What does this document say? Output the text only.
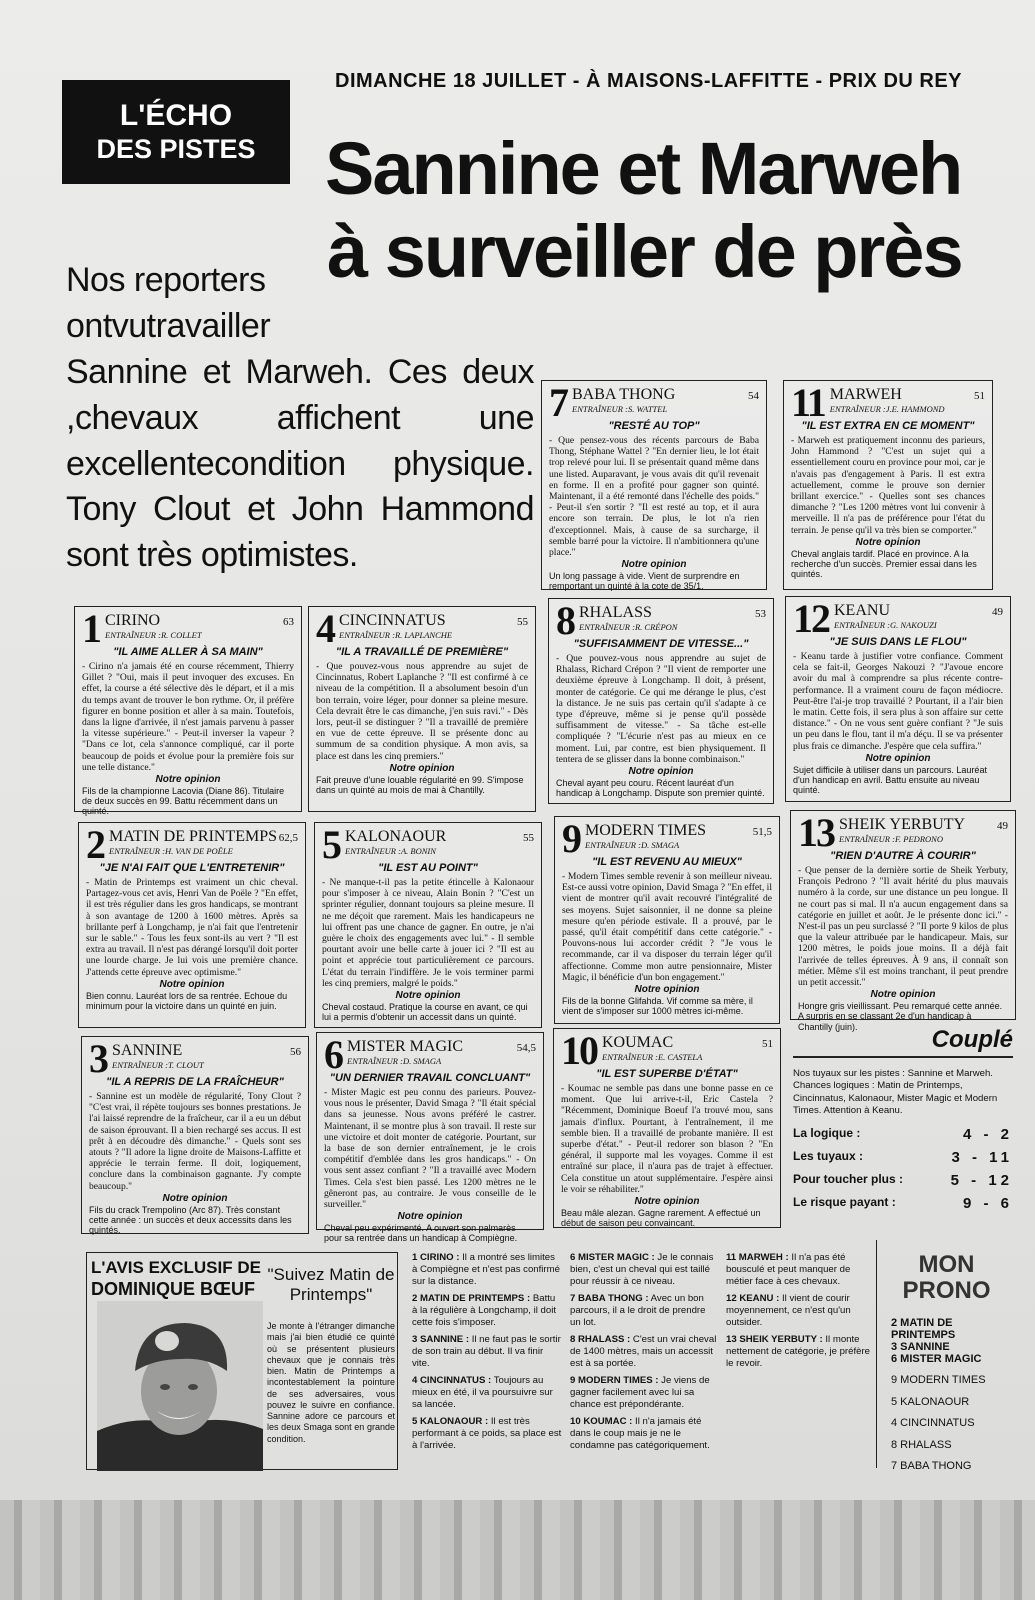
L'ÉCHO
DES PISTES
DIMANCHE 18 JUILLET - À MAISONS-LAFFITTE - PRIX DU REY
Sannine et Marweh
à surveiller de près
Nos reporters
ontvutravailler

Sannine et Marweh. Ces deux ,chevaux affichent une excellentecondition physique. Tony Clout et John Hammond sont très optimistes.
7 BABA THONG	54
ENTRAÎNEUR :S. WATTEL
"RESTÉ AU TOP"
- Que pensez-vous des récents parcours de Baba Thong, Stéphane Wattel ? "En dernier lieu, le lot était trop relevé pour lui. Il se présentait quand même dans une listed. Auparavant, je vous avais dit qu'il revenait en forme. Il en a profité pour gagner son quinté. Maintenant, il a été remonté dans l'échelle des poids." - Peut-il s'en sortir ? "Il est resté au top, et il aura encore son terrain. De plus, le lot n'a rien d'exceptionnel. Mais, à cause de sa surcharge, il semble barré pour la victoire. Il n'ambitionnera qu'une place."
Notre opinion
Un long passage à vide. Vient de surprendre en remportant un quinté à la cote de 35/1.
11 MARWEH	51
ENTRAÎNEUR :J.E. HAMMOND
"IL EST EXTRA EN CE MOMENT"
- Marweh est pratiquement inconnu des parieurs, John Hammond ? "C'est un sujet qui a essentiellement couru en province pour moi, car je n'avais pas d'engagement à Paris. Il est extra actuellement, comme le prouve son dernier brillant exercice." - Quelles sont ses chances dimanche ? "Les 1200 mètres vont lui convenir à merveille. Il n'a pas de préférence pour l'état du terrain. Je pense qu'il va très bien se comporter."
Notre opinion
Cheval anglais tardif. Placé en province. A la recherche d'un succès. Premier essai dans les quintés.
1 CIRINO	63
ENTRAÎNEUR :R. COLLET
"IL AIME ALLER À SA MAIN"
- Cirino n'a jamais été en course récemment, Thierry Gillet ? "Oui, mais il peut invoquer des excuses. En effet, la course a été sélective dès le départ, et il a mis du temps avant de trouver le bon rythme. Or, il préfère figurer en bonne position et aller à sa main. Toutefois, dans la ligne d'arrivée, il n'est jamais parvenu à passer la vitesse supérieure." - Peut-il inverser la vapeur ? "Dans ce lot, cela s'annonce compliqué, car il porte beaucoup de poids et évolue pour la première fois sur une telle distance."
Notre opinion
Fils de la championne Lacovia (Diane 86). Titulaire de deux succès en 99. Battu récemment dans un quinté.
4 CINCINNATUS	55
ENTRAÎNEUR :R. LAPLANCHE
"IL A TRAVAILLÉ DE PREMIÈRE"
- Que pouvez-vous nous apprendre au sujet de Cincinnatus, Robert Laplanche ? "Il est confirmé à ce niveau de la compétition. Il a absolument besoin d'un bon terrain, voire léger, pour donner sa pleine mesure. Cela devrait être le cas dimanche, j'en suis ravi." - Dès lors, peut-il se distinguer ? "Il a travaillé de première en vue de cette épreuve. Il se présente donc au summum de sa condition physique. A mon avis, sa place est dans les cinq premiers."
Notre opinion
Fait preuve d'une louable régularité en 99. S'impose dans un quinté au mois de mai à Chantilly.
8 RHALASS	53
ENTRAÎNEUR :R. CRÉPON
"SUFFISAMMENT DE VITESSE..."
- Que pouvez-vous nous apprendre au sujet de Rhalass, Richard Crépon ? "Il vient de remporter une deuxième épreuve à Longchamp. Il doit, à présent, monter de catégorie. Ce qui me dérange le plus, c'est la distance. Je ne suis pas certain qu'il s'adapte à ce type d'épreuve, même si je pense qu'il possède suffisamment de vitesse." - Sa tâche est-elle compliquée ? "L'écurie n'est pas au mieux en ce moment. Lui, par contre, est bien physiquement. Il tentera de se glisser dans la bonne combinaison."
Notre opinion
Cheval ayant peu couru. Récent lauréat d'un handicap à Longchamp. Dispute son premier quinté.
12 KEANU	49
ENTRAÎNEUR :G. NAKOUZI
"JE SUIS DANS LE FLOU"
- Keanu tarde à justifier votre confiance. Comment cela se fait-il, Georges Nakouzi ? "J'avoue encore avoir du mal à comprendre sa plus récente contre-performance. Il a vraiment couru de façon médiocre. Peut-être l'ai-je trop travaillé ? Pourtant, il a l'air bien le matin. Cette fois, il sera plus à son affaire sur cette distance." - On ne vous sent guère confiant ? "Je suis un peu dans le flou, tant il m'a déçu. Il se va présenter plus frais ce dimanche. J'espère que cela suffira."
Notre opinion
Sujet difficile à utiliser dans un parcours. Lauréat d'un handicap en avril. Battu ensuite au niveau quinté.
2 MATIN DE PRINTEMPS 62,5
ENTRAÎNEUR :H. VAN DE POËLE
"JE N'AI FAIT QUE L'ENTRETENIR"
- Matin de Printemps est vraiment un chic cheval. Partagez-vous cet avis, Henri Van de Poële ? "En effet, il est très régulier dans les gros handicaps, se montrant à son avantage de 1200 à 1600 mètres. Après sa brillante perf à Longchamp, je n'ai fait que l'entretenir sur le sable." - Tous les feux sont-ils au vert ? "Il est extra au travail. Il n'est pas dérangé lorsqu'il doit porter une lourde charge. Je lui vois une première chance. J'attends cette épreuve avec optimisme."
Notre opinion
Bien connu. Lauréat lors de sa rentrée. Echoue du minimum pour la victoire dans un quinté en juin.
5 KALONAOUR	55
ENTRAÎNEUR :A. BONIN
"IL EST AU POINT"
- Ne manque-t-il pas la petite étincelle à Kalonaour pour s'imposer à ce niveau, Alain Bonin ? "C'est un sprinter régulier, donnant toujours sa pleine mesure. Il ne me déçoit que rarement. Mais les handicapeurs ne lui offrent pas une chance de gagner. En outre, je n'ai guère le choix des engagements avec lui." - Il semble pourtant avoir une belle carte à jouer ici ? "Il est au point et apprécie tout particulièrement ce parcours. L'état du terrain l'indiffère. Je le vois terminer parmi les cinq premiers, malgré le poids."
Notre opinion
Cheval costaud. Pratique la course en avant, ce qui lui a permis d'obtenir un accessit dans un quinté.
9 MODERN TIMES	51,5
ENTRAÎNEUR :D. SMAGA
"IL EST REVENU AU MIEUX"
- Modern Times semble revenir à son meilleur niveau. Est-ce aussi votre opinion, David Smaga ? "En effet, il vient de montrer qu'il avait recouvré l'intégralité de ses moyens. Sujet saisonnier, il ne donne sa pleine mesure qu'en période estivale. Il a prouvé, par le passé, qu'il était compétitif dans cette catégorie." - Pouvons-nous lui accorder crédit ? "Je vous le recommande, car il va disposer du terrain léger qu'il affectionne. Comme mon autre pensionnaire, Mister Magic, il bénéficie d'un bon engagement."
Notre opinion
Fils de la bonne Glifahda. Vif comme sa mère, il vient de s'imposer sur 1000 mètres ici-même.
13 SHEIK YERBUTY	49
ENTRAÎNEUR :F. PEDRONO
"RIEN D'AUTRE À COURIR"
- Que penser de la dernière sortie de Sheik Yerbuty, François Pedrono ? "Il avait hérité du plus mauvais numéro à la corde, sur une distance un peu longue. Il ne court pas si mal. Il n'a aucun engagement dans sa catégorie en juillet et août. Je le présente donc ici." - N'est-il pas un peu surclassé ? "Il porte 9 kilos de plus que la valeur attribuée par le handicapeur. Mais, sur 1200 mètres, le poids joue moins. Il a déjà fait l'arrivée de telles épreuves. À 9 ans, il connaît son métier. Même s'il est moins tranchant, il peut prendre un petit accessit."
Notre opinion
Hongre gris vieillissant. Peu remarqué cette année. A surpris en se classant 2e d'un handicap à Chantilly (juin).
3 SANNINE	56
ENTRAÎNEUR :T. CLOUT
"IL A REPRIS DE LA FRAÎCHEUR"
- Sannine est un modèle de régularité, Tony Clout ? "C'est vrai, il répète toujours ses bonnes prestations. Je l'ai laissé reprendre de la fraîcheur, car il a eu un début de saison éprouvant. Il a bien rechargé ses accus. Il est prêt à en découdre dès dimanche." - Quels sont ses atouts ? "Il adore la ligne droite de Maisons-Laffitte et apprécie le terrain ferme. Il doit, logiquement, conclure dans la combinaison gagnante. J'y compte beaucoup."
Notre opinion
Fils du crack Trempolino (Arc 87). Très constant cette année : un succès et deux accessits dans les quintés.
6 MISTER MAGIC	54,5
ENTRAÎNEUR :D. SMAGA
"UN DERNIER TRAVAIL CONCLUANT"
- Mister Magic est peu connu des parieurs. Pouvez-vous nous le présenter, David Smaga ? "Il était spécial dans sa jeunesse. Nous avons préféré le castrer. Maintenant, il se montre plus à son travail. Il reste sur une victoire et doit monter de catégorie. Pourtant, sur la base de son dernier entraînement, je le crois compétitif d'emblée dans les gros handicaps." - On vous sent assez confiant ? "Il a travaillé avec Modern Times. Cela s'est bien passé. Les 1200 mètres ne le gêneront pas, au contraire. Je vous conseille de le surveiller."
Notre opinion
Cheval peu expérimenté. A ouvert son palmarès pour sa rentrée dans un handicap à Compiègne.
10 KOUMAC	51
ENTRAÎNEUR :E. CASTELA
"IL EST SUPERBE D'ÉTAT"
- Koumac ne semble pas dans une bonne passe en ce moment. Que lui arrive-t-il, Eric Castela ? "Récemment, Dominique Boeuf l'a trouvé mou, sans jamais d'influx. Pourtant, à l'entraînement, il me semble bien. Il a travaillé de probante manière. Il est superbe d'état." - Peut-il redorer son blason ? "En général, il supporte mal les voyages. Comme il est entraîné sur place, il n'aura pas de trajet à effectuer. Cela constitue un atout supplémentaire. J'espère ainsi le voir se réhabiliter."
Notre opinion
Beau mâle alezan. Gagne rarement. A effectué un début de saison peu convaincant.
Couplé
Nos tuyaux sur les pistes : Sannine et Marweh. Chances logiques : Matin de Printemps, Cincinnatus, Kalonaour, Mister Magic et Modern Times. Attention à Keanu.
La logique :	4 - 2
Les tuyaux :	3 - 11
Pour toucher plus :	5 - 12
Le risque payant :	9 - 6
L'AVIS EXCLUSIF DE
DOMINIQUE BŒUF
"Suivez Matin de Printemps"
Je monte à l'étranger dimanche mais j'ai bien étudié ce quinté où se présentent plusieurs chevaux que je connais très bien. Matin de Printemps a incontestablement la pointure de ses adversaires, vous pouvez le suivre en confiance. Sannine adore ce parcours et les deux Smaga sont en grande condition.

1 CIRINO : Il a montré ses limites à Compiègne et n'est pas confirmé sur la distance.

2 MATIN DE PRINTEMPS : Battu à la régulière à Longchamp, il doit cette fois s'imposer.

3 SANNINE : Il ne faut pas le sortir de son train au début. Il va finir vite.

4 CINCINNATUS : Toujours au mieux en été, il va poursuivre sur sa lancée.

5 KALONAOUR : Il est très performant à ce poids, sa place est à l'arrivée.

6 MISTER MAGIC : Je le connais bien, c'est un cheval qui est taillé pour réussir à ce niveau.

7 BABA THONG : Avec un bon parcours, il a le droit de prendre un lot.

8 RHALASS : C'est un vrai cheval de 1400 mètres, mais un accessit est à sa portée.

9 MODERN TIMES : Je viens de gagner facilement avec lui sa chance est prépondérante.

10 KOUMAC : Il n'a jamais été dans le coup mais je ne le condamne pas catégoriquement.

11 MARWEH : Il n'a pas été bousculé et peut manquer de métier face à ces chevaux.

12 KEANU : Il vient de courir moyennement, ce n'est qu'un outsider.

13 SHEIK YERBUTY : Il monte nettement de catégorie, je préfère le revoir.

MON
PRONO
2 MATIN DE PRINTEMPS
3 SANNINE
6 MISTER MAGIC
9 MODERN TIMES
5 KALONAOUR
4 CINCINNATUS
8 RHALASS
7 BABA THONG
